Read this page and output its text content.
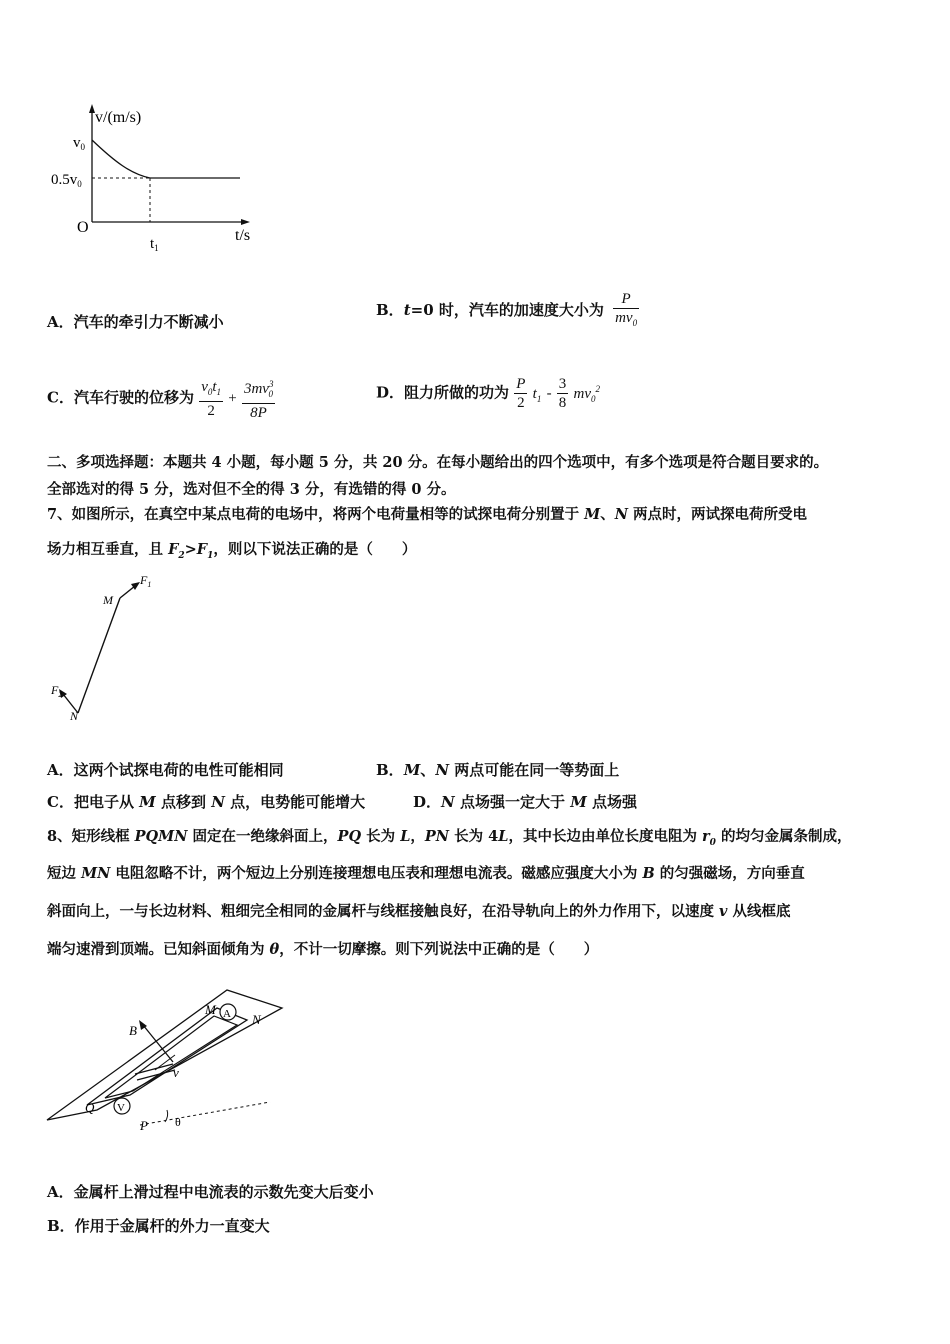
v/(m/s)
$v_0$
$0.5v_0$
O
$t_1$
t/s
A．汽车的牵引力不断减小
B．t=0 时，汽车的加速度大小为 $\frac{P}{mv_0}$
C．汽车行驶的位移为 $\frac{v_0t_1}{2} + \frac{3mv^3_0}{8P}$	D．阻力所做的功为 $\frac{P}{2} t_1 - \frac{3}{8} mv_0^2$
二、多项选择题：本题共 4 小题，每小题 5 分，共 20 分。在每小题给出的四个选项中，有多个选项是符合题目要求的。
全部选对的得 5 分，选对但不全的得 3 分，有选错的得 0 分。
7、如图所示，在真空中某点电荷的电场中，将两个电荷量相等的试探电荷分别置于 M、N 两点时，两试探电荷所受电
场力相互垂直，且 $F_2>F_1$，则以下说法正确的是（　　）
$F_1$
M
$F_2$
N
A．这两个试探电荷的电性可能相同	B．M、N 两点可能在同一等势面上
C．把电子从 M 点移到 N 点，电势能可能增大	D．N 点场强一定大于 M 点场强
8、矩形线框 PQMN 固定在一绝缘斜面上，PQ 长为 L，PN 长为 4L，其中长边由单位长度电阻为 $r_0$ 的均匀金属条制成，
短边 MN 电阻忽略不计，两个短边上分别连接理想电压表和理想电流表。磁感应强度大小为 B 的匀强磁场，方向垂直
斜面向上，一与长边材料、粗细完全相同的金属杆与线框接触良好，在沿导轨向上的外力作用下，以速度 v 从线框底
端匀速滑到顶端。已知斜面倾角为 θ，不计一切摩擦。则下列说法中正确的是（　　）
A
V
M
N
B
v
Q
P θ
A．金属杆上滑过程中电流表的示数先变大后变小
B．作用于金属杆的外力一直变大
